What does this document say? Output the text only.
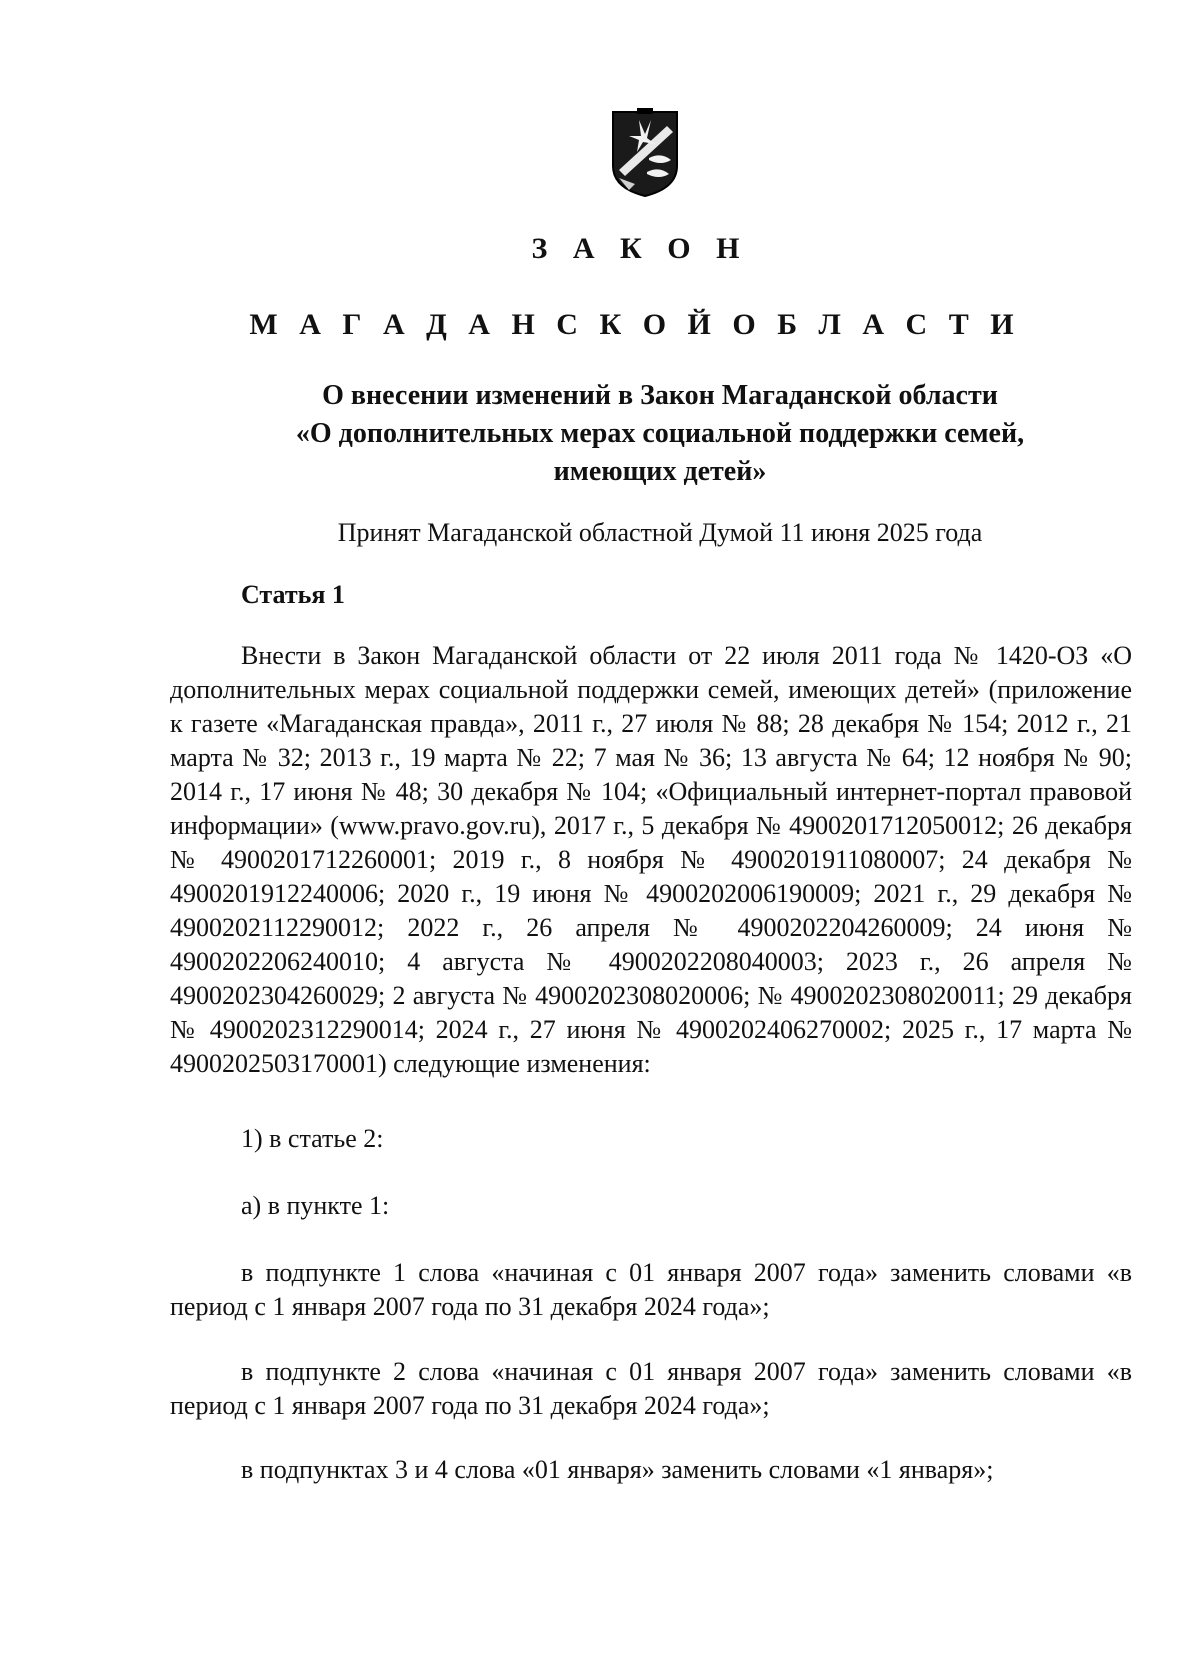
З А К О Н
М А Г А Д А Н С К О Й О Б Л А С Т И
О внесении изменений в Закон Магаданской области
«О дополнительных мерах социальной поддержки семей,
имеющих детей»
Принят Магаданской областной Думой 11 июня 2025 года
Статья 1
Внести в Закон Магаданской области от 22 июля 2011 года № 1420-ОЗ «О дополнительных мерах социальной поддержки семей, имеющих детей» (приложение к газете «Магаданская правда», 2011 г., 27 июля № 88; 28 декабря № 154; 2012 г., 21 марта № 32; 2013 г., 19 марта № 22; 7 мая № 36; 13 августа № 64; 12 ноября № 90; 2014 г., 17 июня № 48; 30 декабря № 104; «Официальный интернет-портал правовой информации» (www.pravo.gov.ru), 2017 г., 5 декабря № 4900201712050012; 26 декабря № 4900201712260001; 2019 г., 8 ноября № 4900201911080007; 24 декабря № 4900201912240006; 2020 г., 19 июня № 4900202006190009; 2021 г., 29 декабря № 4900202112290012; 2022 г., 26 апреля № 4900202204260009; 24 июня № 4900202206240010; 4 августа № 4900202208040003; 2023 г., 26 апреля № 4900202304260029; 2 августа № 4900202308020006; № 4900202308020011; 29 декабря № 4900202312290014; 2024 г., 27 июня № 4900202406270002; 2025 г., 17 марта № 4900202503170001) следующие изменения:
1) в статье 2:
а) в пункте 1:
в подпункте 1 слова «начиная с 01 января 2007 года» заменить словами «в период с 1 января 2007 года по 31 декабря 2024 года»;
в подпункте 2 слова «начиная с 01 января 2007 года» заменить словами «в период с 1 января 2007 года по 31 декабря 2024 года»;
в подпунктах 3 и 4 слова «01 января» заменить словами «1 января»;
